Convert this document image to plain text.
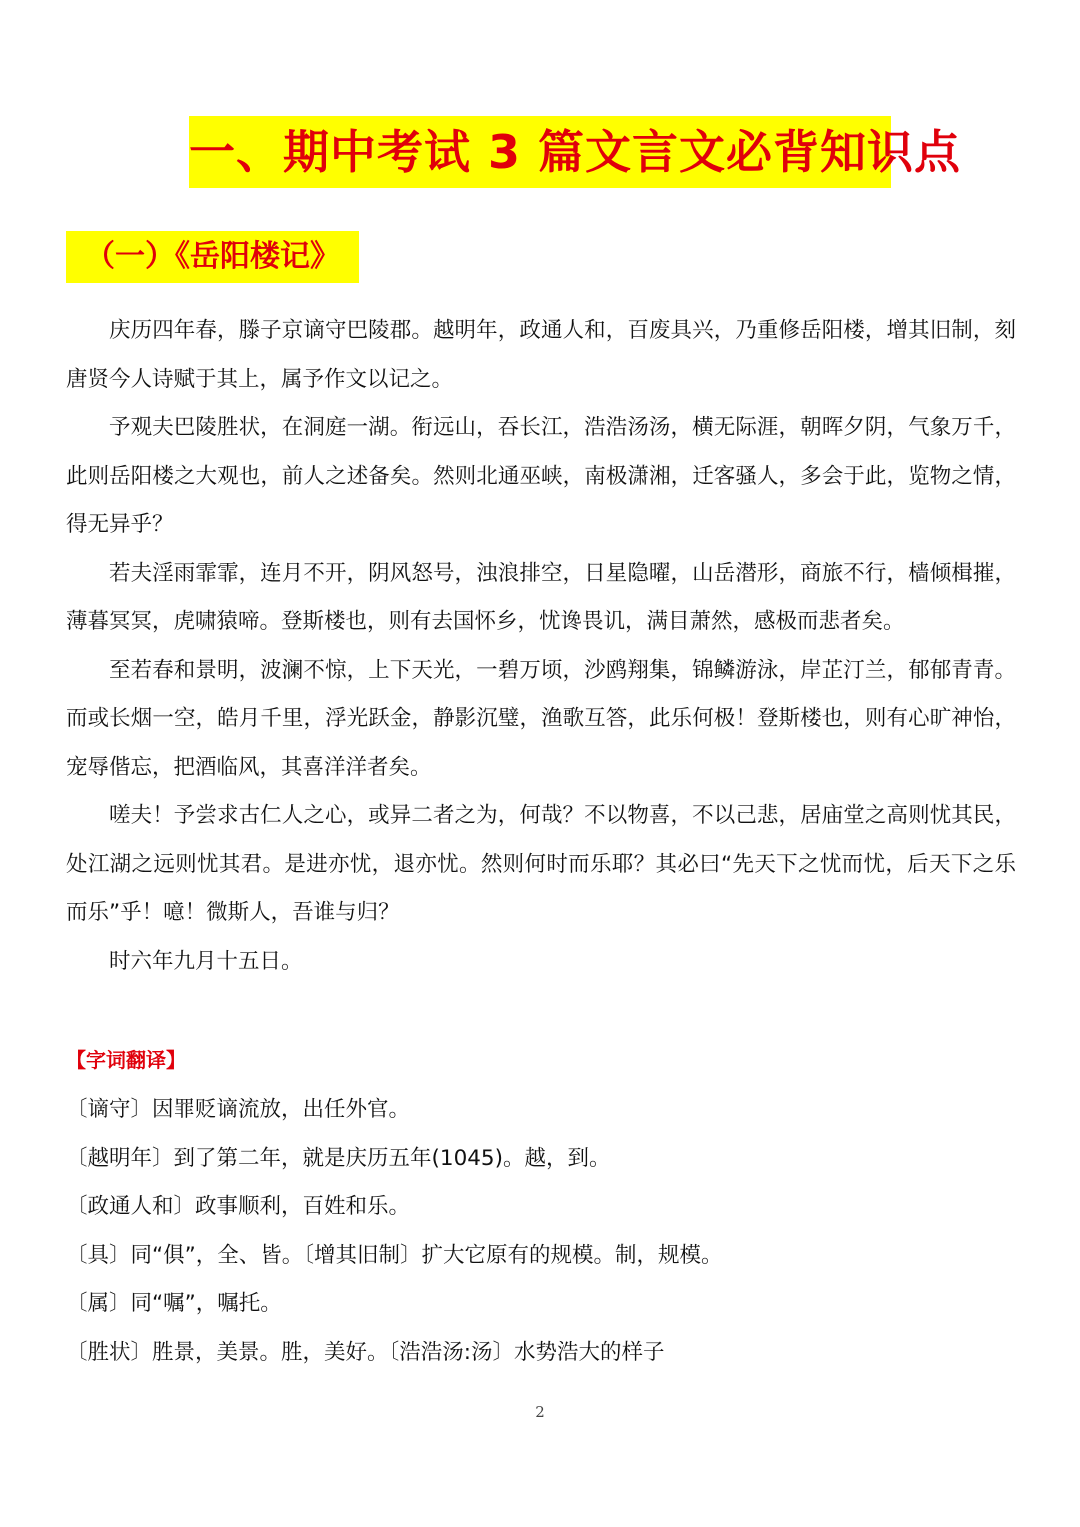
一、期中考试 3 篇文言文必背知识点
（一）《岳阳楼记》

庆历四年春，滕子京谪守巴陵郡。越明年，政通人和，百废具兴，乃重修岳阳楼，增其旧制，刻唐贤今人诗赋于其上，属予作文以记之。

予观夫巴陵胜状，在洞庭一湖。衔远山，吞长江，浩浩汤汤，横无际涯，朝晖夕阴，气象万千，此则岳阳楼之大观也，前人之述备矣。然则北通巫峡，南极潇湘，迁客骚人，多会于此，览物之情，得无异乎？

若夫淫雨霏霏，连月不开，阴风怒号，浊浪排空，日星隐曜，山岳潜形，商旅不行，樯倾楫摧，薄暮冥冥，虎啸猿啼。登斯楼也，则有去国怀乡，忧谗畏讥，满目萧然，感极而悲者矣。

至若春和景明，波澜不惊，上下天光，一碧万顷，沙鸥翔集，锦鳞游泳，岸芷汀兰，郁郁青青。而或长烟一空，皓月千里，浮光跃金，静影沉璧，渔歌互答，此乐何极！登斯楼也，则有心旷神怡，宠辱偕忘，把酒临风，其喜洋洋者矣。

嗟夫！予尝求古仁人之心，或异二者之为，何哉？不以物喜，不以己悲，居庙堂之高则忧其民，处江湖之远则忧其君。是进亦忧，退亦忧。然则何时而乐耶？其必曰“先天下之忧而忧，后天下之乐而乐”乎！噫！微斯人，吾谁与归？

时六年九月十五日。

【字词翻译】

〔谪守〕因罪贬谪流放，出任外官。

〔越明年〕到了第二年，就是庆历五年(1045)。越，到。

〔政通人和〕政事顺利，百姓和乐。

〔具〕同“俱”，全、皆。〔增其旧制〕扩大它原有的规模。制，规模。

〔属〕同“嘱”，嘱托。

〔胜状〕胜景，美景。胜，美好。〔浩浩汤:汤〕水势浩大的样子

2
